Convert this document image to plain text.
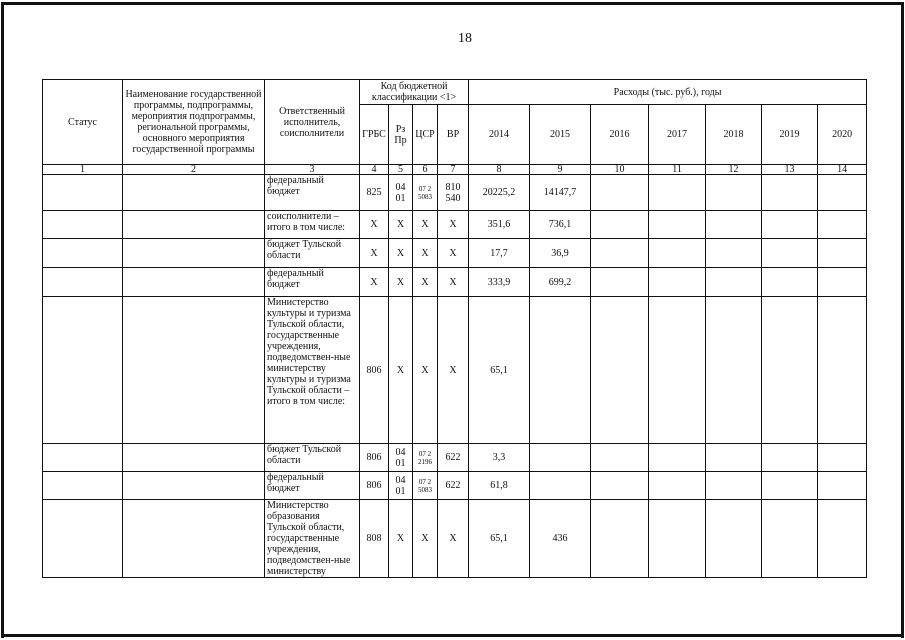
18
Статус	Наименование государственной программы, подпрограммы, мероприятия подпрограммы, региональной программы, основного мероприятия государственной программы	Ответственный исполнитель, соисполнители	Код бюджетной классификации <1>				Расходы (тыс. руб.), годы						
			ГРБС	Рз Пр	ЦСР	ВР	2014	2015	2016	2017	2018	2019	2020
1	2	3	4	5	6	7	8	9	10	11	12	13	14
		федеральный бюджет	825	04 01	07 2 5083	810 540	20225,2	14147,7					
		соисполнители – итого в том числе:	Х	Х	Х	Х	351,6	736,1					
		бюджет Тульской области	Х	Х	Х	Х	17,7	36,9					
		федеральный бюджет	Х	Х	Х	Х	333,9	699,2					
		Министерство культуры и туризма Тульской области, государственные учреждения, подведомствен-ные министерству культуры и туризма Тульской области – итого в том числе:	806	Х	Х	Х	65,1						
		бюджет Тульской области	806	04 01	07 2 2196	622	3,3						
		федеральный бюджет	806	04 01	07 2 5083	622	61,8						
		Министерство образования Тульской области, государственные учреждения, подведомствен-ные министерству	808	Х	Х	Х	65,1	436					
